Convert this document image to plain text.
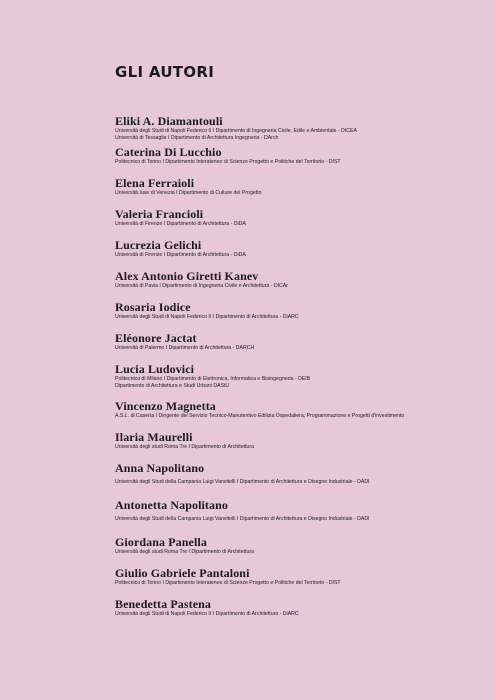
GLI AUTORI
Eliki A. Diamantouli
Università degli Studi di Napoli Federico II I Dipartimento di Ingegneria Civile, Edile e Ambientale - DICEA
Università di Tessaglia I Dipartimento di Architettura Ingegneria - DArch
Caterina Di Lucchio
Politecnico di Torino I Dipartimento Interateneo di Scienze Progetto e Politiche del Territorio - DIST
Elena Ferraioli
Università Iuav di Venezia I Dipartimento di Culture del Progetto
Valeria Francioli
Università di Firenze I Dipartimento di Architettura - DiDA
Lucrezia Gelichi
Università di Firenze I Dipartimento di Architettura - DiDA
Alex Antonio Giretti Kanev
Università di Pavia I Dipartimento di Ingegneria Civile e Architettura - DICAr
Rosaria Iodice
Università degli Studi di Napoli Federico II I Dipartimento di Architettura - DiARC
Eléonore Jactat
Università di Palermo I Dipartimento di Architettura - DARCH
Lucia Ludovici
Politecnico di Milano I Dipartimento di Elettronica, Informatica e Bioingegneria - DEIB
Dipartimento di Architettura e Studi Urbani DAStU
Vincenzo Magnetta
A.S.L. di Caserta I Dirigente del Servizio Tecnico-Manutentivo Edilizia Ospedaliera, Programmazione e Progetti d'investimento
Ilaria Maurelli
Università degli studi Roma Tre I Dipartimento di Architettura
Anna Napolitano
Università degli Studi della Campania Luigi Vanvitelli I Dipartimento di Architettura e Disegno Industriale - DADI
Antonetta Napolitano
Università degli Studi della Campania Luigi Vanvitelli I Dipartimento di Architettura e Disegno Industriale - DADI
Giordana Panella
Università degli studi Roma Tre I Dipartimento di Architettura
Giulio Gabriele Pantaloni
Politecnico di Torino I Dipartimento Interateneo di Scienze Progetto e Politiche del Territorio - DIST
Benedetta Pastena
Università degli Studi di Napoli Federico II I Dipartimento di Architettura - DiARC
